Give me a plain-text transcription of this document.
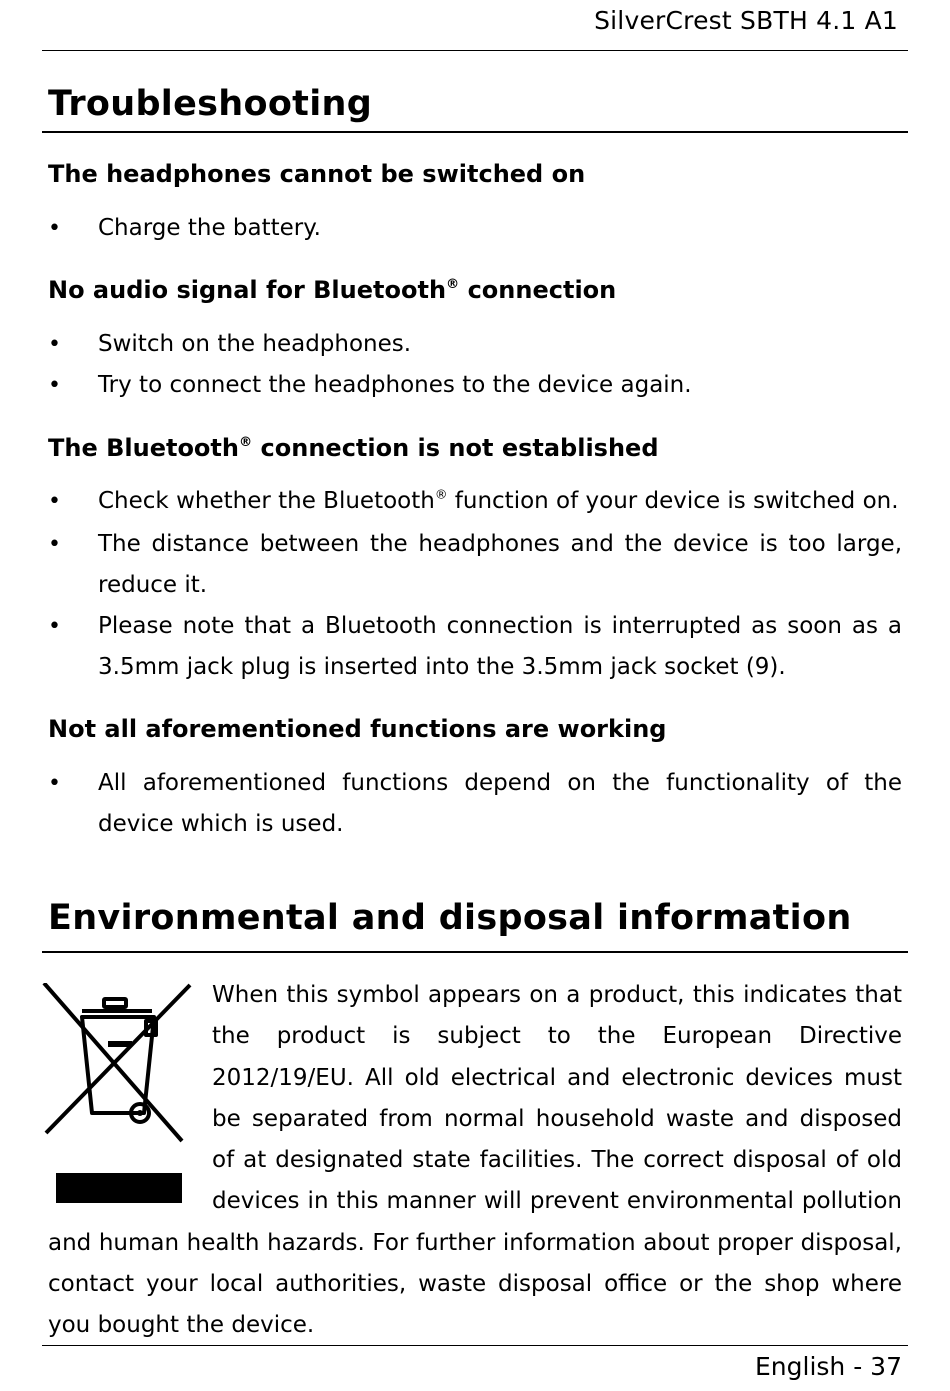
SilverCrest SBTH 4.1 A1
Troubleshooting
The headphones cannot be switched on
• Charge the battery.
No audio signal for Bluetooth® connection
• Switch on the headphones.
• Try to connect the headphones to the device again.
The Bluetooth® connection is not established
• Check whether the Bluetooth® function of your device is switched on.
• The distance between the headphones and the device is too large, reduce it.
• Please note that a Bluetooth connection is interrupted as soon as a 3.5mm jack plug is inserted into the 3.5mm jack socket (9).
Not all aforementioned functions are working
• All aforementioned functions depend on the functionality of the device which is used.
Environmental and disposal information

When this symbol appears on a product, this indicates that the product is subject to the European Directive 2012/19/EU. All old electrical and electronic devices must be separated from normal household waste and disposed of at designated state facilities. The correct disposal of old devices in this manner will prevent environmental pollution and human health hazards. For further information about proper disposal, contact your local authorities, waste disposal office or the shop where you bought the device.

English - 37
